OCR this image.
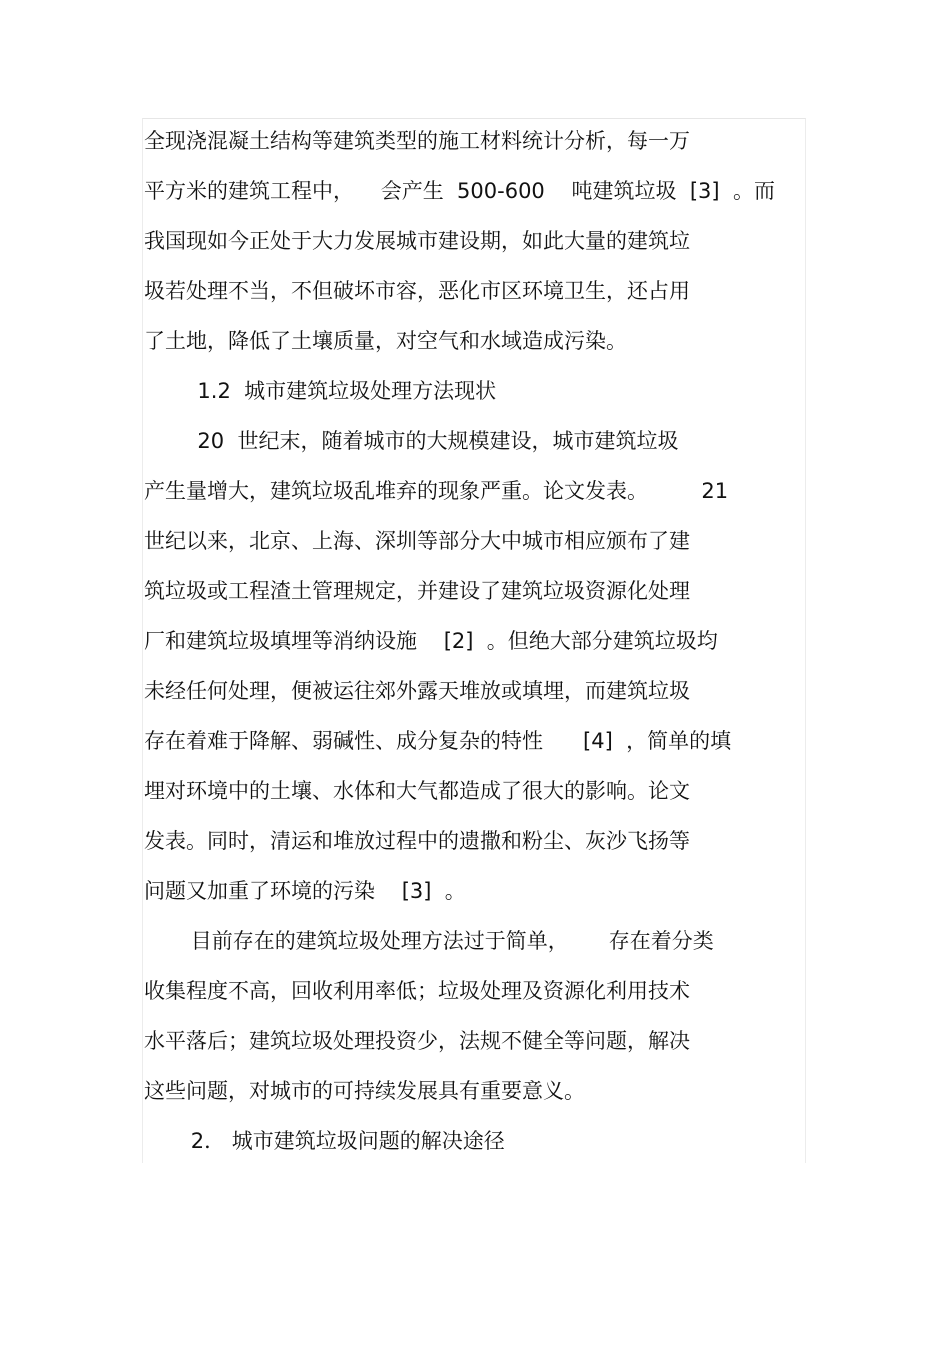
全现浇混凝土结构等建筑类型的施工材料统计分析，每一万
平方米的建筑工程中，    会产生  500-600    吨建筑垃圾  [3]  。而
我国现如今正处于大力发展城市建设期，如此大量的建筑垃
圾若处理不当，不但破坏市容，恶化市区环境卫生，还占用
了土地，降低了土壤质量，对空气和水域造成污染。
1.2  城市建筑垃圾处理方法现状
20  世纪末，随着城市的大规模建设，城市建筑垃圾
产生量增大，建筑垃圾乱堆弃的现象严重。论文发表。        21
世纪以来，北京、上海、深圳等部分大中城市相应颁布了建
筑垃圾或工程渣土管理规定，并建设了建筑垃圾资源化处理
厂和建筑垃圾填埋等消纳设施    [2]  。但绝大部分建筑垃圾均
未经任何处理，便被运往郊外露天堆放或填埋，而建筑垃圾
存在着难于降解、弱碱性、成分复杂的特性      [4]  ，简单的填
埋对环境中的土壤、水体和大气都造成了很大的影响。论文
发表。同时，清运和堆放过程中的遗撒和粉尘、灰沙飞扬等
问题又加重了环境的污染    [3]  。
目前存在的建筑垃圾处理方法过于简单，      存在着分类
收集程度不高，回收利用率低；垃圾处理及资源化利用技术
水平落后；建筑垃圾处理投资少，法规不健全等问题，解决
这些问题，对城市的可持续发展具有重要意义。
2． 城市建筑垃圾问题的解决途径
